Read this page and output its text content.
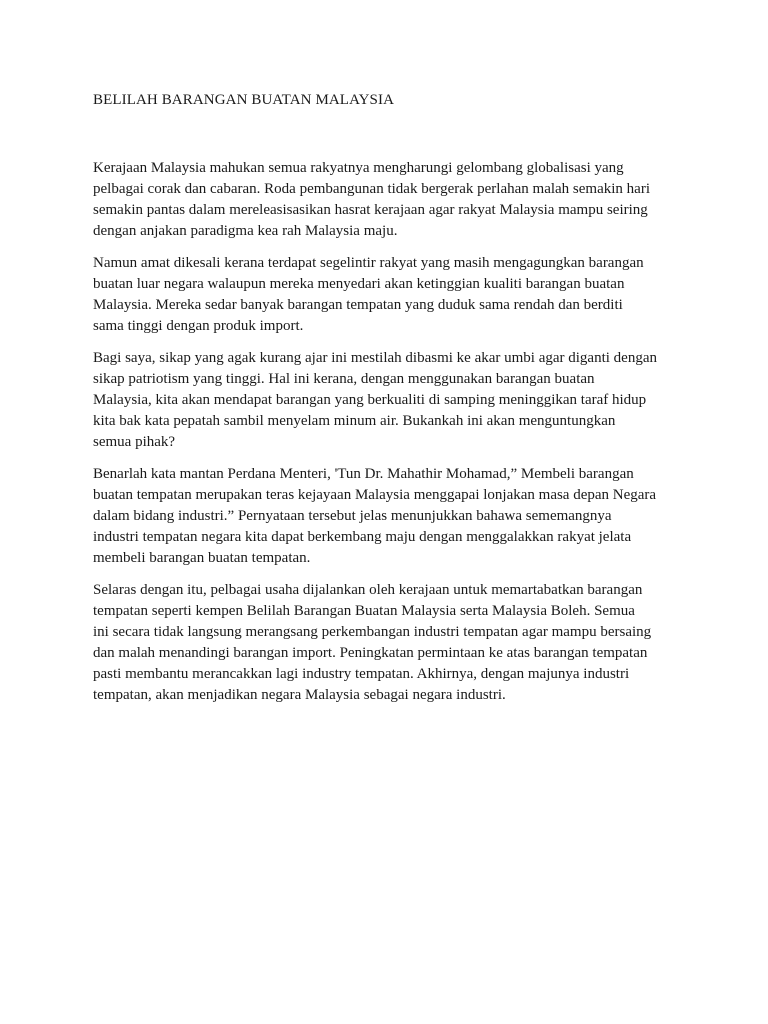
BELILAH BARANGAN BUATAN MALAYSIA

Kerajaan Malaysia mahukan semua rakyatnya mengharungi gelombang globalisasi yang
pelbagai corak dan cabaran. Roda pembangunan tidak bergerak perlahan malah semakin hari
semakin pantas dalam mereleasisasikan hasrat kerajaan agar rakyat Malaysia mampu seiring
dengan anjakan paradigma kea rah Malaysia maju.

Namun amat dikesali kerana terdapat segelintir rakyat yang masih mengagungkan barangan
buatan luar negara walaupun mereka menyedari akan ketinggian kualiti barangan buatan
Malaysia. Mereka sedar banyak barangan tempatan yang duduk sama rendah dan berditi
sama tinggi dengan produk import.

Bagi saya, sikap yang agak kurang ajar ini mestilah dibasmi ke akar umbi agar diganti dengan
sikap patriotism yang tinggi. Hal ini kerana, dengan menggunakan barangan buatan
Malaysia, kita akan mendapat barangan yang berkualiti di samping meninggikan taraf hidup
kita bak kata pepatah sambil menyelam minum air. Bukankah ini akan menguntungkan
semua pihak?

Benarlah kata mantan Perdana Menteri, 'Tun Dr. Mahathir Mohamad,” Membeli barangan
buatan tempatan merupakan teras kejayaan Malaysia menggapai lonjakan masa depan Negara
dalam bidang industri.” Pernyataan tersebut jelas menunjukkan bahawa sememangnya
industri tempatan negara kita dapat berkembang maju dengan menggalakkan rakyat jelata
membeli barangan buatan tempatan.

Selaras dengan itu, pelbagai usaha dijalankan oleh kerajaan untuk memartabatkan barangan
tempatan seperti kempen Belilah Barangan Buatan Malaysia serta Malaysia Boleh. Semua
ini secara tidak langsung merangsang perkembangan industri tempatan agar mampu bersaing
dan malah menandingi barangan import. Peningkatan permintaan ke atas barangan tempatan
pasti membantu merancakkan lagi industry tempatan. Akhirnya, dengan majunya industri
tempatan, akan menjadikan negara Malaysia sebagai negara industri.
